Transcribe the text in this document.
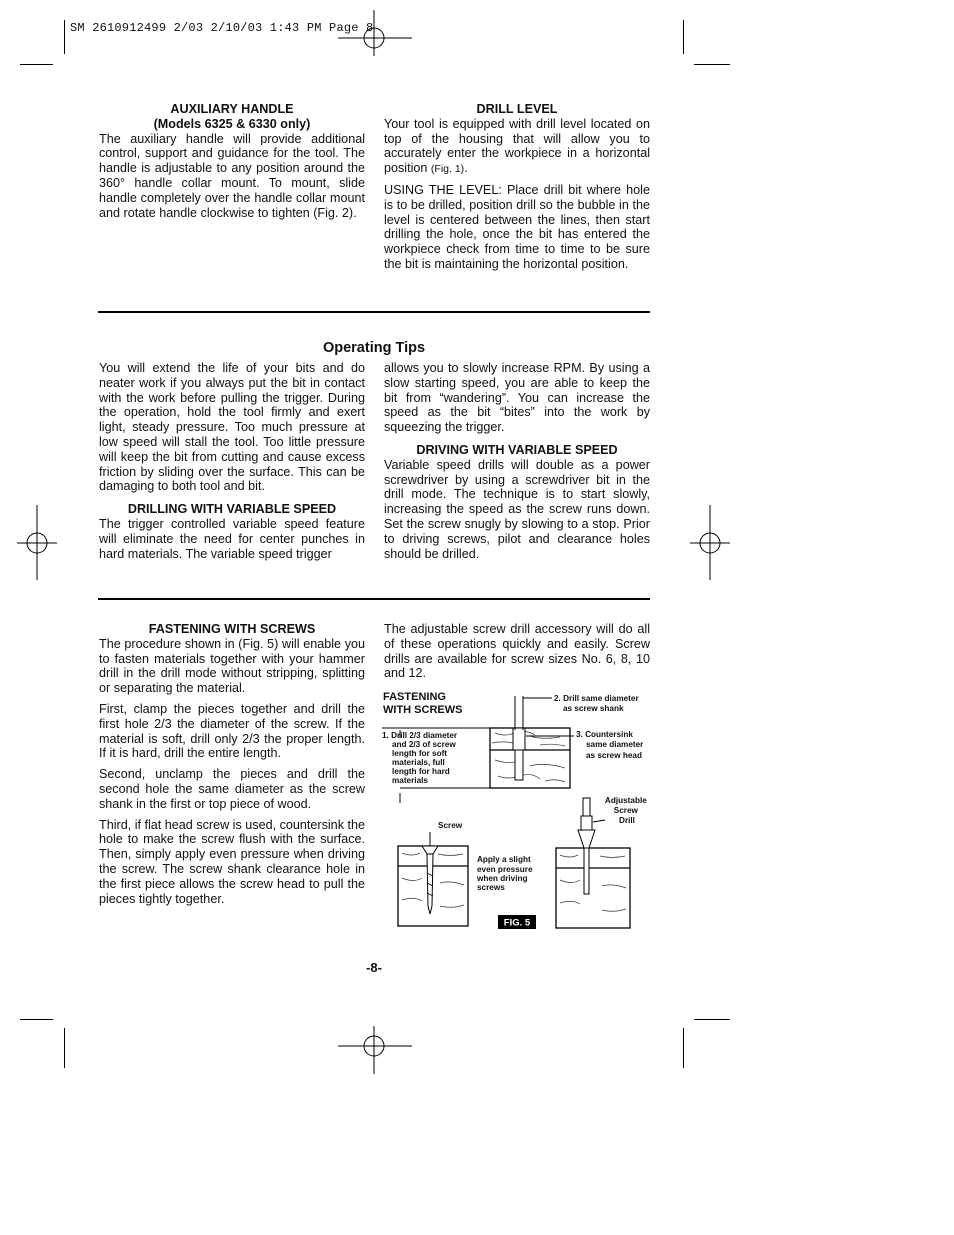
SM 2610912499 2/03 2/10/03 1:43 PM Page 8
AUXILIARY HANDLE
(Models 6325 & 6330 only)

The auxiliary handle will provide additional control, support and guidance for the tool. The handle is adjustable to any position around the 360° handle collar mount. To mount, slide handle completely over the handle collar mount and rotate handle clockwise to tighten (Fig. 2).

DRILL LEVEL

Your tool is equipped with drill level located on top of the housing that will allow you to accurately enter the workpiece in a horizontal position (Fig. 1).

USING THE LEVEL: Place drill bit where hole is to be drilled, position drill so the bubble in the level is centered between the lines, then start drilling the hole, once the bit has entered the workpiece check from time to time to be sure the bit is maintaining the horizontal position.

Operating Tips

You will extend the life of your bits and do neater work if you always put the bit in contact with the work before pulling the trigger. During the operation, hold the tool firmly and exert light, steady pressure. Too much pressure at low speed will stall the tool. Too little pressure will keep the bit from cutting and cause excess friction by sliding over the surface. This can be damaging to both tool and bit.

DRILLING WITH VARIABLE SPEED

The trigger controlled variable speed feature will eliminate the need for center punches in hard materials. The variable speed trigger

allows you to slowly increase RPM. By using a slow starting speed, you are able to keep the bit from “wandering”. You can increase the speed as the bit “bites” into the work by squeezing the trigger.

DRIVING WITH VARIABLE SPEED

Variable speed drills will double as a power screwdriver by using a screwdriver bit in the drill mode. The technique is to start slowly, increasing the speed as the screw runs down. Set the screw snugly by slowing to a stop. Prior to driving screws, pilot and clearance holes should be drilled.

FASTENING WITH SCREWS

The procedure shown in (Fig. 5) will enable you to fasten materials together with your hammer drill in the drill mode without stripping, splitting or separating the material.

First, clamp the pieces together and drill the first hole 2/3 the diameter of the screw. If the material is soft, drill only 2/3 the proper length. If it is hard, drill the entire length.

Second, unclamp the pieces and drill the second hole the same diameter as the screw shank in the first or top piece of wood.

Third, if flat head screw is used, countersink the hole to make the screw flush with the surface. Then, simply apply even pressure when driving the screw. The screw shank clearance hole in the first piece allows the screw head to pull the pieces tightly together.

The adjustable screw drill accessory will do all of these operations quickly and easily. Screw drills are available for screw sizes No. 6, 8, 10 and 12.

FASTENING
WITH SCREWS
1. Drill 2/3 diameter and 2/3 of screw length for soft materials, full length for hard materials
2. Drill same diameter as screw shank
3. Countersink same diameter as screw head
Screw
Apply a slight even pressure when driving screws
Adjustable Screw Drill
FIG. 5
-8-
